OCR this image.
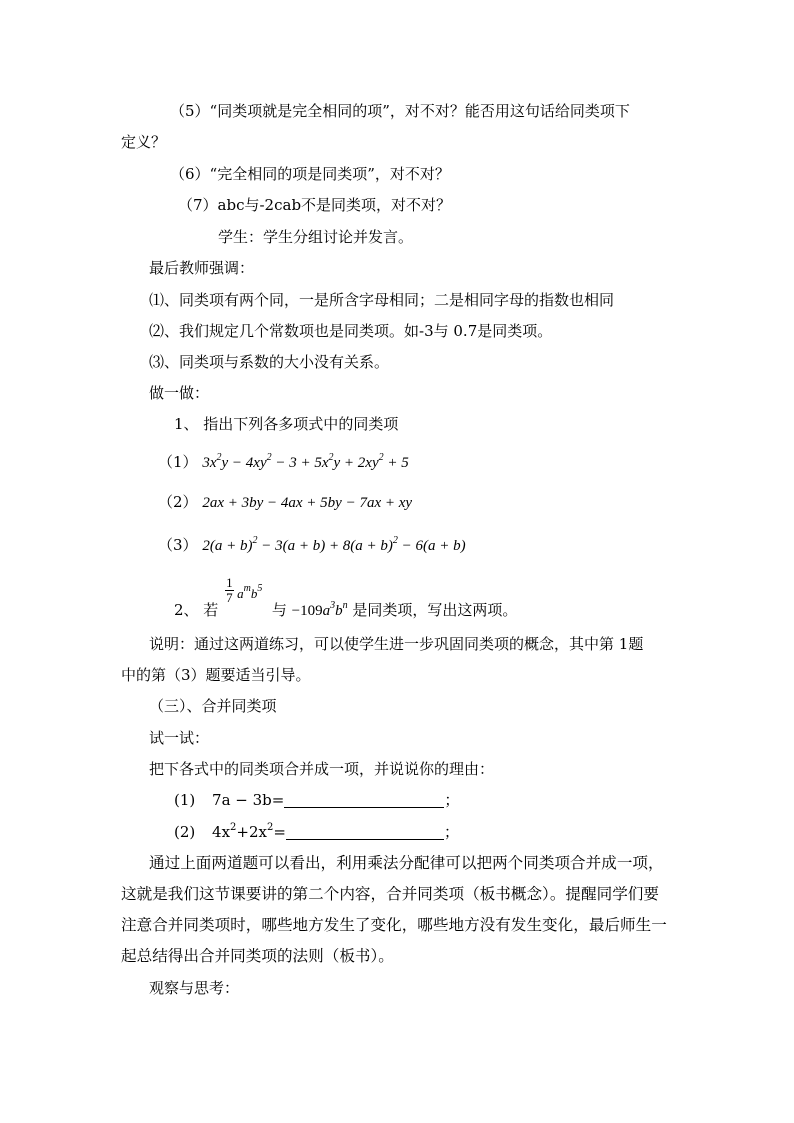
（5）“同类项就是完全相同的项”，对不对？能否用这句话给同类项下
定义？
（6）“完全相同的项是同类项”，对不对？
（7）abc与-2cab不是同类项，对不对？
学生：学生分组讨论并发言。
最后教师强调：
⑴、同类项有两个同，一是所含字母相同；二是相同字母的指数也相同
⑵、我们规定几个常数项也是同类项。如-3与 0.7是同类项。
⑶、同类项与系数的大小没有关系。
做一做：
1、 指出下列各多项式中的同类项
（1） $3x^2y - 4xy^2 - 3 + 5x^2y + 2xy^2 + 5$
（2） 2ax + 3by − 4ax + 5by − 7ax + xy
（3） $2(a + b)^2 - 3(a + b) + 8(a + b)^2 - 6(a + b)$
2、 若
$\frac{1}{7} a^mb^5$
与 $-109a^3b^n$ 是同类项，写出这两项。
说明：通过这两道练习，可以使学生进一步巩固同类项的概念，其中第 1题
中的第（3）题要适当引导。
（三）、合并同类项
试一试：
把下各式中的同类项合并成一项，并说说你的理由：
(1) 7a − 3b=	；
(2) $4x^2+2x^2=$	；
通过上面两道题可以看出，利用乘法分配律可以把两个同类项合并成一项，
这就是我们这节课要讲的第二个内容，合并同类项（板书概念）。提醒同学们要
注意合并同类项时，哪些地方发生了变化，哪些地方没有发生变化，最后师生一
起总结得出合并同类项的法则（板书）。
观察与思考：
